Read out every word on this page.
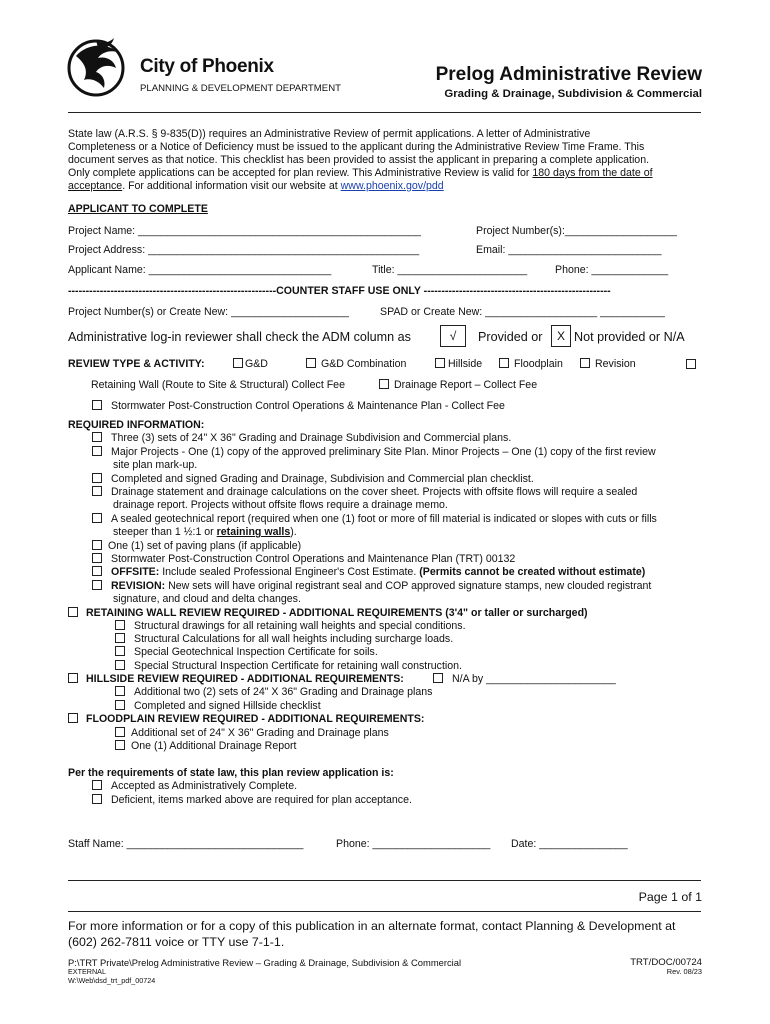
City of Phoenix
PLANNING & DEVELOPMENT DEPARTMENT
Prelog Administrative Review
Grading & Drainage, Subdivision & Commercial
State law (A.R.S. § 9-835(D)) requires an Administrative Review of permit applications. A letter of Administrative
Completeness or a Notice of Deficiency must be issued to the applicant during the Administrative Review Time Frame. This
document serves as that notice. This checklist has been provided to assist the applicant in preparing a complete application.
Only complete applications can be accepted for plan review. This Administrative Review is valid for 180 days from the date of
acceptance. For additional information visit our website at www.phoenix.gov/pdd
APPLICANT TO COMPLETE
Project Name: ________________________________________________	Project Number(s):___________________
Project Address: ______________________________________________	Email: __________________________
Applicant Name: _______________________________	Title: ______________________	Phone: _____________
-----------------------------------------------------------COUNTER STAFF USE ONLY -----------------------------------------------------
Project Number(s) or Create New: ____________________	SPAD or Create New: ___________________ ___________
Administrative log-in reviewer shall check the ADM column as	√	Provided or	X Not provided or N/A
REVIEW TYPE & ACTIVITY:	G&D	G&D Combination	Hillside	Floodplain	Revision
Retaining Wall (Route to Site & Structural) Collect Fee	Drainage Report – Collect Fee
Stormwater Post-Construction Control Operations & Maintenance Plan - Collect Fee
REQUIRED INFORMATION:
Three (3) sets of 24" X 36" Grading and Drainage Subdivision and Commercial plans.
Major Projects - One (1) copy of the approved preliminary Site Plan. Minor Projects – One (1) copy of the first review
site plan mark-up.
Completed and signed Grading and Drainage, Subdivision and Commercial plan checklist.
Drainage statement and drainage calculations on the cover sheet. Projects with offsite flows will require a sealed
drainage report. Projects without offsite flows require a drainage memo.
A sealed geotechnical report (required when one (1) foot or more of fill material is indicated or slopes with cuts or fills
steeper than 1 ½:1 or retaining walls).
One (1) set of paving plans (if applicable)
Stormwater Post-Construction Control Operations and Maintenance Plan (TRT) 00132
OFFSITE: Include sealed Professional Engineer's Cost Estimate. (Permits cannot be created without estimate)
REVISION: New sets will have original registrant seal and COP approved signature stamps, new clouded registrant
signature, and cloud and delta changes.
RETAINING WALL REVIEW REQUIRED - ADDITIONAL REQUIREMENTS (3'4" or taller or surcharged)
Structural drawings for all retaining wall heights and special conditions.
Structural Calculations for all wall heights including surcharge loads.
Special Geotechnical Inspection Certificate for soils.
Special Structural Inspection Certificate for retaining wall construction.
HILLSIDE REVIEW REQUIRED - ADDITIONAL REQUIREMENTS:	N/A by ______________________
Additional two (2) sets of 24" X 36" Grading and Drainage plans
Completed and signed Hillside checklist
FLOODPLAIN REVIEW REQUIRED - ADDITIONAL REQUIREMENTS:
Additional set of 24" X 36" Grading and Drainage plans
One (1) Additional Drainage Report
Per the requirements of state law, this plan review application is:
Accepted as Administratively Complete.
Deficient, items marked above are required for plan acceptance.
Staff Name: ______________________________	Phone: ____________________ Date: _______________
Page 1 of 1
For more information or for a copy of this publication in an alternate format, contact Planning & Development at
(602) 262-7811 voice or TTY use 7-1-1.
P:\TRT Private\Prelog Administrative Review – Grading & Drainage, Subdivision & Commercial
EXTERNAL
W:\Web\dsd_trt_pdf_00724
TRT/DOC/00724
Rev. 08/23
